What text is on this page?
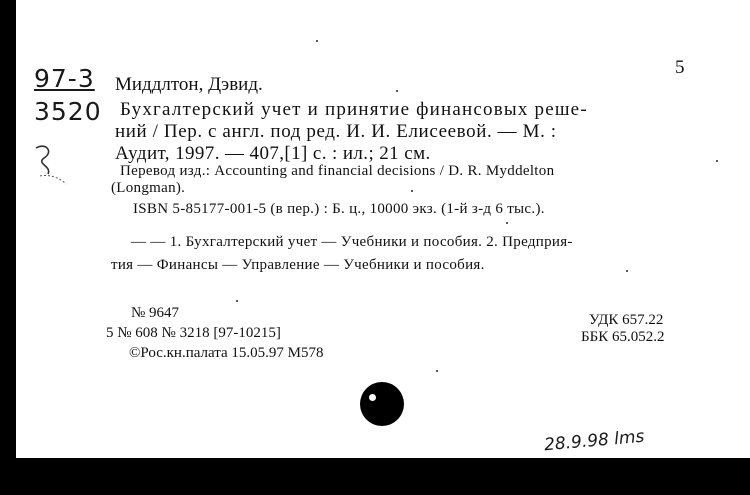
97-3
3520
5
Миддлтон, Дэвид.
Бухгалтерский учет и принятие финансовых реше-
ний / Пер. с англ. под ред. И. И. Елисеевой. — М. :
Аудит, 1997. — 407,[1] с. : ил.; 21 см.
Перевод изд.: Accounting and financial decisions / D. R. Myddelton
(Longman).
ISBN 5-85177-001-5 (в пер.) : Б. ц., 10000 экз. (1-й з-д 6 тыс.).
— — 1. Бухгалтерский учет — Учебники и пособия. 2. Предприя-
тия — Финансы — Управление — Учебники и пособия.
№ 9647
5 № 608 № 3218 [97-10215]
©Рос.кн.палата 15.05.97 М578
УДК 657.22
ББК 65.052.2
28.9.98 lms
